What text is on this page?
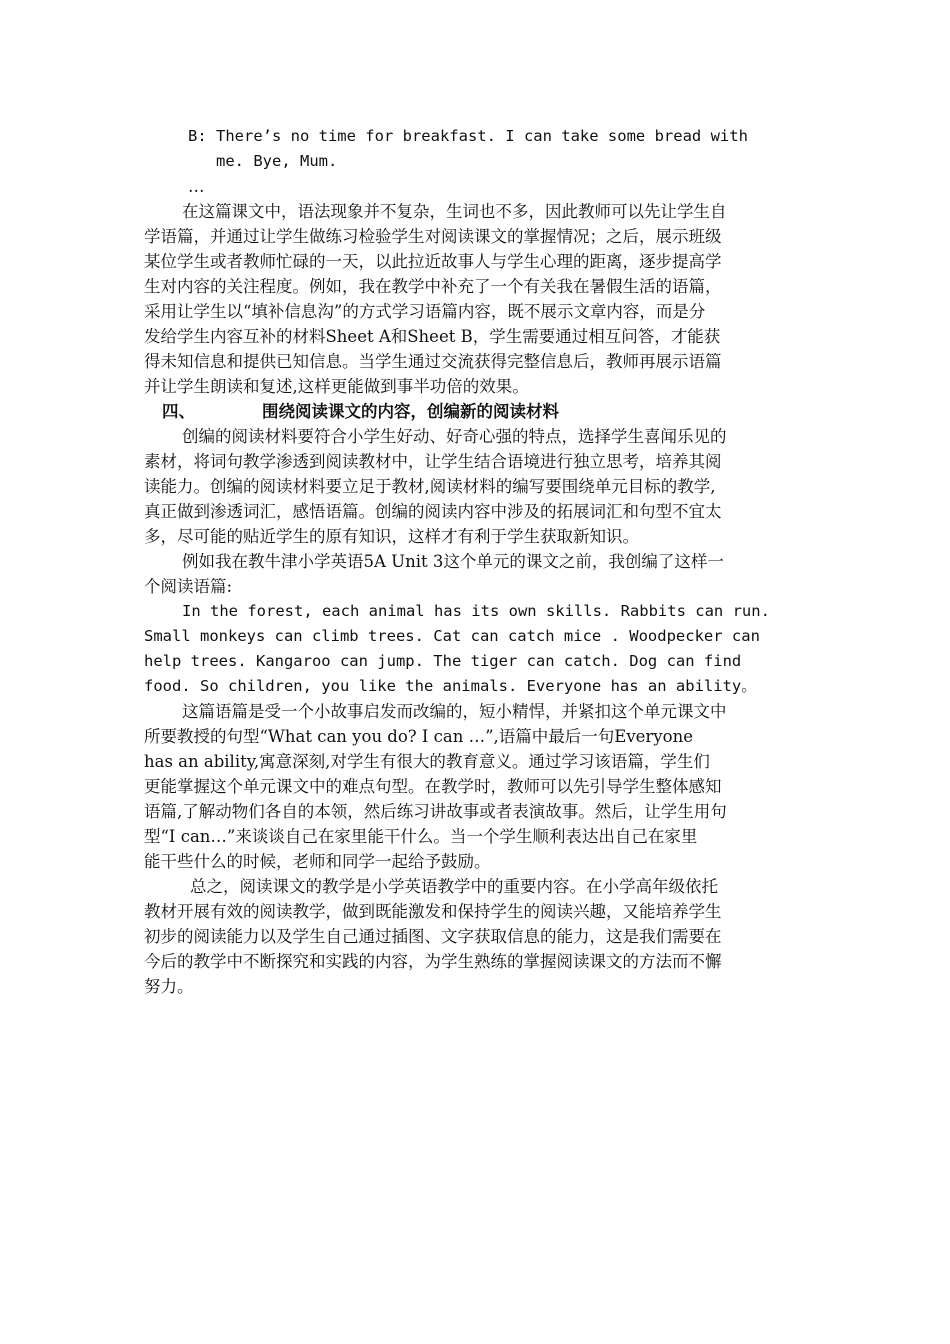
B: There’s no time for breakfast. I can take some bread with
me. Bye, Mum.
…
在这篇课文中，语法现象并不复杂，生词也不多，因此教师可以先让学生自
学语篇，并通过让学生做练习检验学生对阅读课文的掌握情况；之后，展示班级
某位学生或者教师忙碌的一天，以此拉近故事人与学生心理的距离，逐步提高学
生对内容的关注程度。例如，我在教学中补充了一个有关我在暑假生活的语篇，
采用让学生以“填补信息沟”的方式学习语篇内容，既不展示文章内容，而是分
发给学生内容互补的材料Sheet A和Sheet B，学生需要通过相互问答，才能获
得未知信息和提供已知信息。当学生通过交流获得完整信息后，教师再展示语篇
并让学生朗读和复述,这样更能做到事半功倍的效果。
四、	围绕阅读课文的内容，创编新的阅读材料
创编的阅读材料要符合小学生好动、好奇心强的特点，选择学生喜闻乐见的
素材，将词句教学渗透到阅读教材中，让学生结合语境进行独立思考，培养其阅
读能力。创编的阅读材料要立足于教材,阅读材料的编写要围绕单元目标的教学,
真正做到渗透词汇，感悟语篇。创编的阅读内容中涉及的拓展词汇和句型不宜太
多，尽可能的贴近学生的原有知识，这样才有利于学生获取新知识。
例如我在教牛津小学英语5A Unit 3这个单元的课文之前，我创编了这样一
个阅读语篇:
In the forest, each animal has its own skills. Rabbits can run.
Small monkeys can climb trees. Cat can catch mice . Woodpecker can
help trees. Kangaroo can jump. The tiger can catch. Dog can find
food. So children, you like the animals. Everyone has an ability。
这篇语篇是受一个小故事启发而改编的，短小精悍，并紧扣这个单元课文中
所要教授的句型“What can you do? I can …”,语篇中最后一句Everyone
has an ability,寓意深刻,对学生有很大的教育意义。通过学习该语篇，学生们
更能掌握这个单元课文中的难点句型。在教学时，教师可以先引导学生整体感知
语篇,了解动物们各自的本领，然后练习讲故事或者表演故事。然后，让学生用句
型“I can…”来谈谈自己在家里能干什么。当一个学生顺利表达出自己在家里
能干些什么的时候，老师和同学一起给予鼓励。
总之，阅读课文的教学是小学英语教学中的重要内容。在小学高年级依托
教材开展有效的阅读教学，做到既能激发和保持学生的阅读兴趣，又能培养学生
初步的阅读能力以及学生自己通过插图、文字获取信息的能力，这是我们需要在
今后的教学中不断探究和实践的内容，为学生熟练的掌握阅读课文的方法而不懈
努力。
